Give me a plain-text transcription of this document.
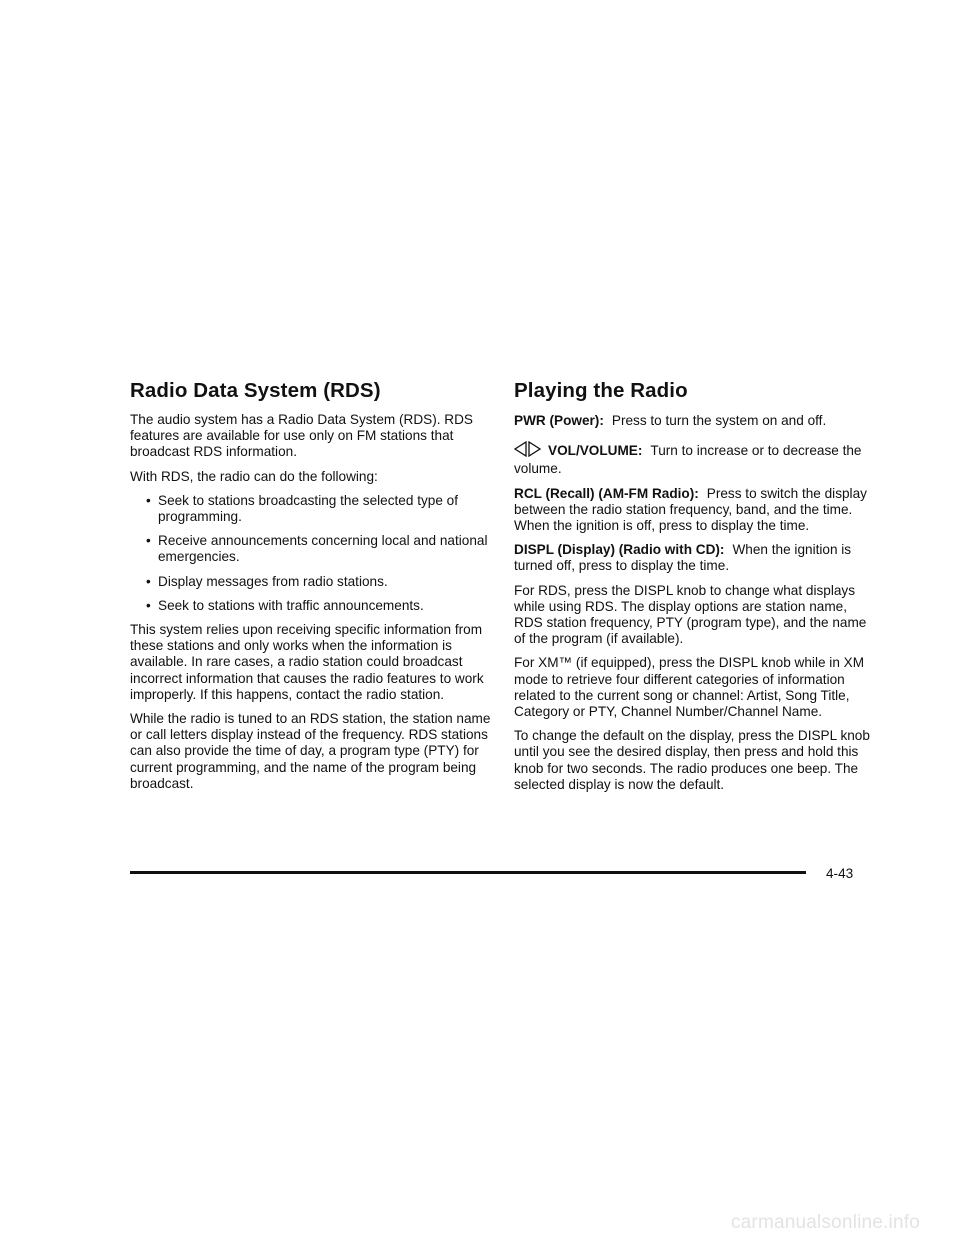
Radio Data System (RDS)

The audio system has a Radio Data System (RDS). RDS features are available for use only on FM stations that broadcast RDS information.

With RDS, the radio can do the following:

• Seek to stations broadcasting the selected type of programming.
• Receive announcements concerning local and national emergencies.
• Display messages from radio stations.
• Seek to stations with traffic announcements.

This system relies upon receiving specific information from these stations and only works when the information is available. In rare cases, a radio station could broadcast incorrect information that causes the radio features to work improperly. If this happens, contact the radio station.

While the radio is tuned to an RDS station, the station name or call letters display instead of the frequency. RDS stations can also provide the time of day, a program type (PTY) for current programming, and the name of the program being broadcast.

Playing the Radio

PWR (Power): Press to turn the system on and off.

VOL/VOLUME: Turn to increase or to decrease the volume.

RCL (Recall) (AM-FM Radio): Press to switch the display between the radio station frequency, band, and the time. When the ignition is off, press to display the time.

DISPL (Display) (Radio with CD): When the ignition is turned off, press to display the time.

For RDS, press the DISPL knob to change what displays while using RDS. The display options are station name, RDS station frequency, PTY (program type), and the name of the program (if available).

For XM™ (if equipped), press the DISPL knob while in XM mode to retrieve four different categories of information related to the current song or channel: Artist, Song Title, Category or PTY, Channel Number/Channel Name.

To change the default on the display, press the DISPL knob until you see the desired display, then press and hold this knob for two seconds. The radio produces one beep. The selected display is now the default.

4-43
carmanualsonline.info
